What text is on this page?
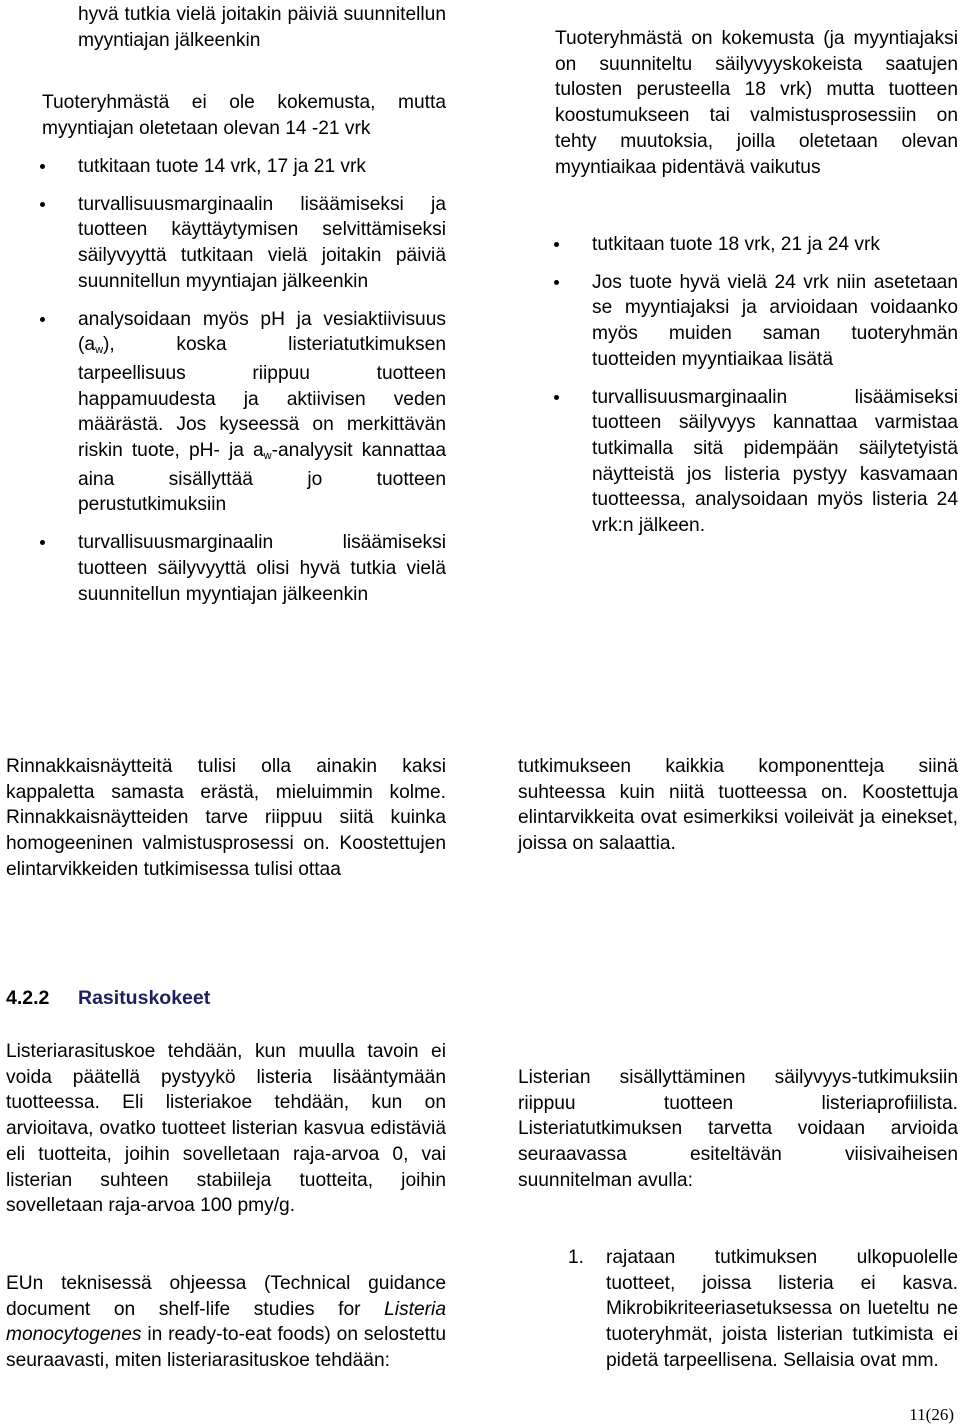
hyvä tutkia vielä joitakin päiviä suunnitellun myyntiajan jälkeenkin
Tuoteryhmästä ei ole kokemusta, mutta myyntiajan oletetaan olevan 14 -21 vrk
tutkitaan tuote 14 vrk, 17 ja 21 vrk
turvallisuusmarginaalin lisäämiseksi ja tuotteen käyttäytymisen selvittämiseksi säilyvyyttä tutkitaan vielä joitakin päiviä suunnitellun myyntiajan jälkeenkin
analysoidaan myös pH ja vesiaktiivisuus (aw), koska listeriatutkimuksen tarpeellisuus riippuu tuotteen happamuudesta ja aktiivisen veden määrästä. Jos kyseessä on merkittävän riskin tuote, pH- ja aw-analyysit kannattaa aina sisällyttää jo tuotteen perustutkimuksiin
turvallisuusmarginaalin lisäämiseksi tuotteen säilyvyyttä olisi hyvä tutkia vielä suunnitellun myyntiajan jälkeenkin
Tuoteryhmästä on kokemusta (ja myyntiajaksi on suunniteltu säilyvyyskokeista saatujen tulosten perusteella 18 vrk) mutta tuotteen koostumukseen tai valmistusprosessiin on tehty muutoksia, joilla oletetaan olevan myyntiaikaa pidentävä vaikutus
tutkitaan tuote 18 vrk, 21 ja 24 vrk
Jos tuote hyvä vielä 24 vrk niin asetetaan se myyntiajaksi ja arvioidaan voidaanko myös muiden saman tuoteryhmän tuotteiden myyntiaikaa lisätä
turvallisuusmarginaalin lisäämiseksi tuotteen säilyvyys kannattaa varmistaa tutkimalla sitä pidempään säilytetyistä näytteistä jos listeria pystyy kasvamaan tuotteessa, analysoidaan myös listeria 24 vrk:n jälkeen.
Rinnakkaisnäytteitä tulisi olla ainakin kaksi kappaletta samasta erästä, mieluimmin kolme. Rinnakkaisnäytteiden tarve riippuu siitä kuinka homogeeninen valmistusprosessi on. Koostettujen elintarvikkeiden tutkimisessa tulisi ottaa
tutkimukseen kaikkia komponentteja siinä suhteessa kuin niitä tuotteessa on. Koostettuja elintarvikkeita ovat esimerkiksi voileivät ja einekset, joissa on salaattia.
4.2.2 Rasituskokeet
Listeriarasituskoe tehdään, kun muulla tavoin ei voida päätellä pystyykö listeria lisääntymään tuotteessa. Eli listeriakoe tehdään, kun on arvioitava, ovatko tuotteet listerian kasvua edistäviä eli tuotteita, joihin sovelletaan raja-arvoa 0, vai listerian suhteen stabiileja tuotteita, joihin sovelletaan raja-arvoa 100 pmy/g.
EUn teknisessä ohjeessa (Technical guidance document on shelf-life studies for Listeria monocytogenes in ready-to-eat foods) on selostettu seuraavasti, miten listeriarasituskoe tehdään:
Listerian sisällyttäminen säilyvyys-tutkimuksiin riippuu tuotteen listeriaprofiilista. Listeriatutkimuksen tarvetta voidaan arvioida seuraavassa esiteltävän viisivaiheisen suunnitelman avulla:
1. rajataan tutkimuksen ulkopuolelle tuotteet, joissa listeria ei kasva. Mikrobikriteeriasetuksessa on lueteltu ne tuoteryhmät, joista listerian tutkimista ei pidetä tarpeellisena. Sellaisia ovat mm.
11(26)
